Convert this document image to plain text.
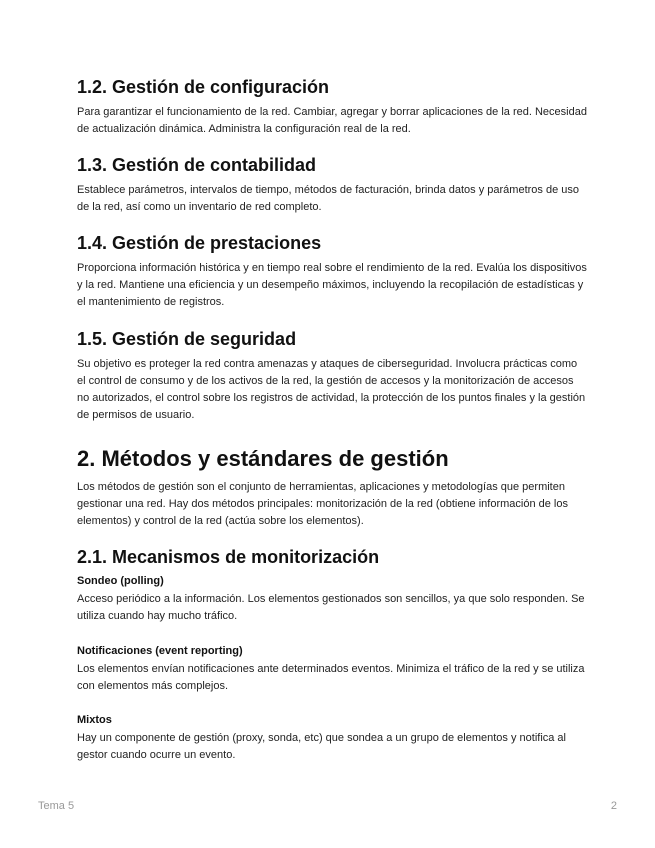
1.2. Gestión de configuración

Para garantizar el funcionamiento de la red. Cambiar, agregar y borrar aplicaciones de la red. Necesidad de actualización dinámica. Administra la configuración real de la red.

1.3. Gestión de contabilidad

Establece parámetros, intervalos de tiempo, métodos de facturación, brinda datos y parámetros de uso de la red, así como un inventario de red completo.

1.4. Gestión de prestaciones

Proporciona información histórica y en tiempo real sobre el rendimiento de la red. Evalúa los dispositivos y la red. Mantiene una eficiencia y un desempeño máximos, incluyendo la recopilación de estadísticas y el mantenimiento de registros.

1.5. Gestión de seguridad

Su objetivo es proteger la red contra amenazas y ataques de ciberseguridad. Involucra prácticas como el control de consumo y de los activos de la red, la gestión de accesos y la monitorización de accesos no autorizados, el control sobre los registros de actividad, la protección de los puntos finales y la gestión de permisos de usuario.

2. Métodos y estándares de gestión

Los métodos de gestión son el conjunto de herramientas, aplicaciones y metodologías que permiten gestionar una red. Hay dos métodos principales: monitorización de la red (obtiene información de los elementos) y control de la red (actúa sobre los elementos).

2.1. Mecanismos de monitorización
Sondeo (polling)

Acceso periódico a la información. Los elementos gestionados son sencillos, ya que solo responden. Se utiliza cuando hay mucho tráfico.

Notificaciones (event reporting)

Los elementos envían notificaciones ante determinados eventos. Minimiza el tráfico de la red y se utiliza con elementos más complejos.

Mixtos

Hay un componente de gestión (proxy, sonda, etc) que sondea a un grupo de elementos y notifica al gestor cuando ocurre un evento.

Tema 5	2
